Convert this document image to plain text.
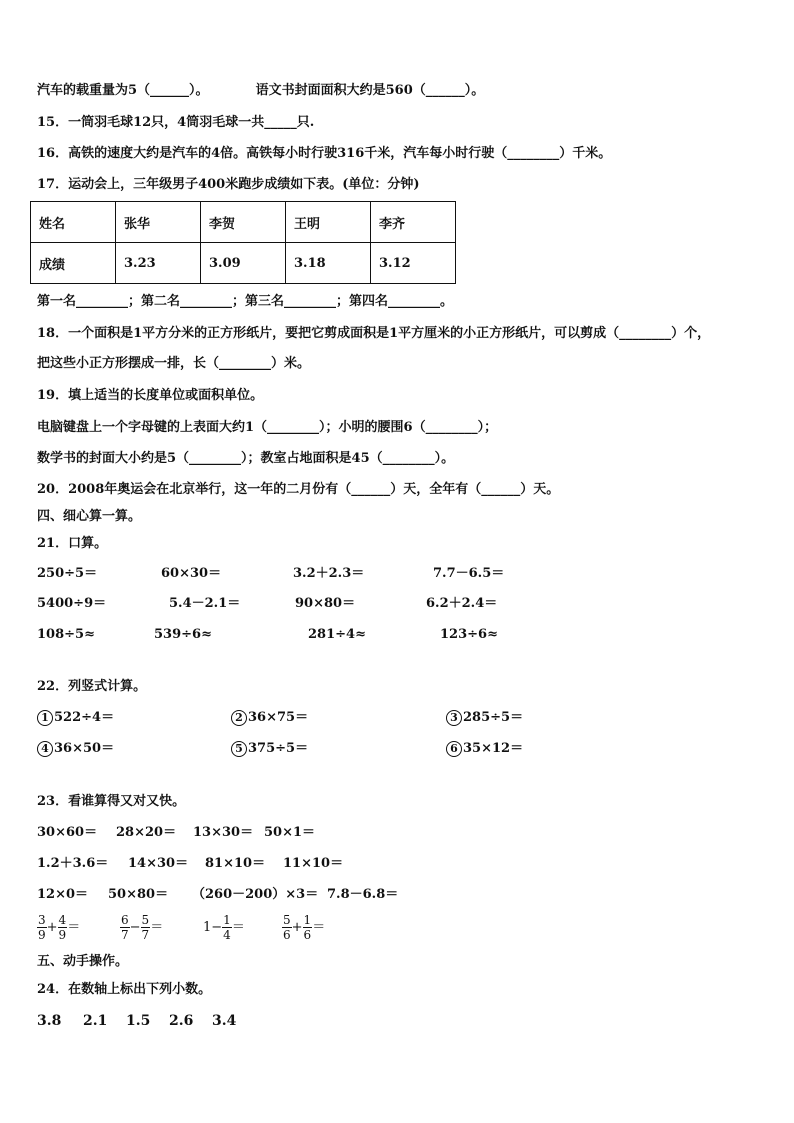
汽车的载重量为5（______）。	语文书封面面积大约是560（______）。
15．一筒羽毛球12只，4筒羽毛球一共_____只.
16．高铁的速度大约是汽车的4倍。高铁每小时行驶316千米，汽车每小时行驶（________）千米。
17．运动会上，三年级男子400米跑步成绩如下表。(单位：分钟)
姓名	张华	李贺	王明	李齐
成绩	3.23	3.09	3.18	3.12
第一名________；第二名________；第三名________；第四名________。
18．一个面积是1平方分米的正方形纸片，要把它剪成面积是1平方厘米的小正方形纸片，可以剪成（________）个，
把这些小正方形摆成一排，长（________）米。
19．填上适当的长度单位或面积单位。
电脑键盘上一个字母键的上表面大约1（________）；小明的腰围6（________）；
数学书的封面大小约是5（________）；教室占地面积是45（________）。
20．2008年奥运会在北京举行，这一年的二月份有（______）天，全年有（______）天。
四、细心算一算。
21．口算。
250÷5＝	60×30＝	3.2＋2.3＝	7.7－6.5＝
5400÷9＝	5.4－2.1＝	90×80＝	6.2＋2.4＝
108÷5≈	539÷6≈	281÷4≈	123÷6≈
22．列竖式计算。
1 522÷4＝	2 36×75＝	3 285÷5＝
4 36×50＝	5 375÷5＝	6 35×12＝
23．看谁算得又对又快。
30×60＝ 28×20＝ 13×30＝ 50×1＝
1.2＋3.6＝ 14×30＝ 81×10＝ 11×10＝
12×0＝ 50×80＝ （260－200）×3＝ 7.8－6.8＝
$\frac{3}{9} + \frac{4}{9}$ ＝	$\frac{6}{7} - \frac{5}{7}$ ＝	$1- \frac{1}{4}$ ＝	$\frac{5}{6} + \frac{1}{6}$ ＝
五、动手操作。
24．在数轴上标出下列小数。
3.8 2.1 1.5 2.6 3.4
